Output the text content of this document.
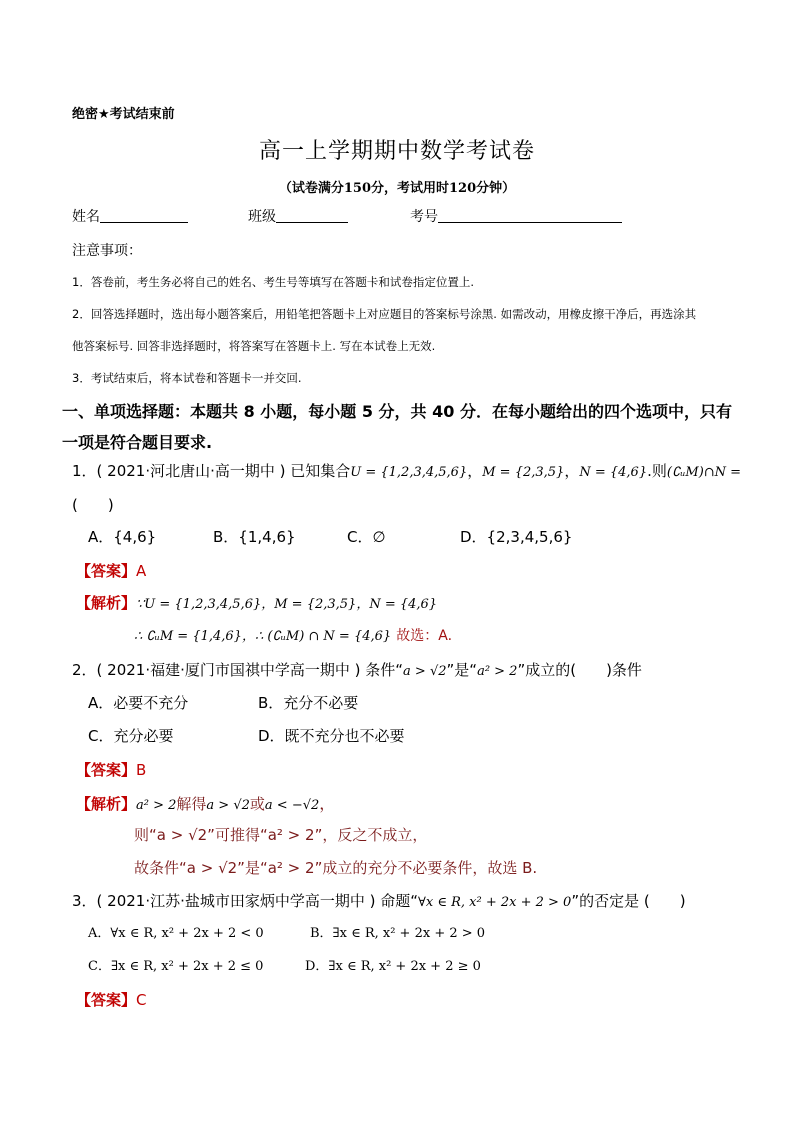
绝密★考试结束前
高一上学期期中数学考试卷
（试卷满分150分，考试用时120分钟）
姓名	班级	考号
注意事项：
1．答卷前，考生务必将自己的姓名、考生号等填写在答题卡和试卷指定位置上.
2．回答选择题时，选出每小题答案后，用铅笔把答题卡上对应题目的答案标号涂黑. 如需改动，用橡皮擦干净后，再选涂其
他答案标号. 回答非选择题时，将答案写在答题卡上. 写在本试卷上无效.
3．考试结束后，将本试卷和答题卡一并交回.
一、单项选择题：本题共 8 小题，每小题 5 分，共 40 分．在每小题给出的四个选项中，只有
一项是符合题目要求.
1．( 2021·河北唐山·高一期中 ) 已知集合U = {1,2,3,4,5,6}，M = {2,3,5}，N = {4,6}.则(∁ᵤM)∩N =
(　　)
A．{4,6}	B．{1,4,6}	C．∅	D．{2,3,4,5,6}
【答案】A
【解析】∵U = {1,2,3,4,5,6}，M = {2,3,5}，N = {4,6}
∴ ∁ᵤM = {1,4,6}，∴ (∁ᵤM) ∩ N = {4,6} 故选：A.
2．( 2021·福建·厦门市国祺中学高一期中 ) 条件“a > √2”是“a² > 2”成立的(　　)条件
A．必要不充分	B．充分不必要
C．充分必要	D．既不充分也不必要
【答案】B
【解析】a² > 2解得a > √2或a < −√2，
则“a > √2”可推得“a² > 2”，反之不成立，
故条件“a > √2”是“a² > 2”成立的充分不必要条件，故选 B.
3．( 2021·江苏·盐城市田家炳中学高一期中 ) 命题“∀x ∈ R, x² + 2x + 2 > 0”的否定是 (　　)
A．∀x ∈ R, x² + 2x + 2 < 0	B．∃x ∈ R, x² + 2x + 2 > 0
C．∃x ∈ R, x² + 2x + 2 ≤ 0	D．∃x ∈ R, x² + 2x + 2 ≥ 0
【答案】C
